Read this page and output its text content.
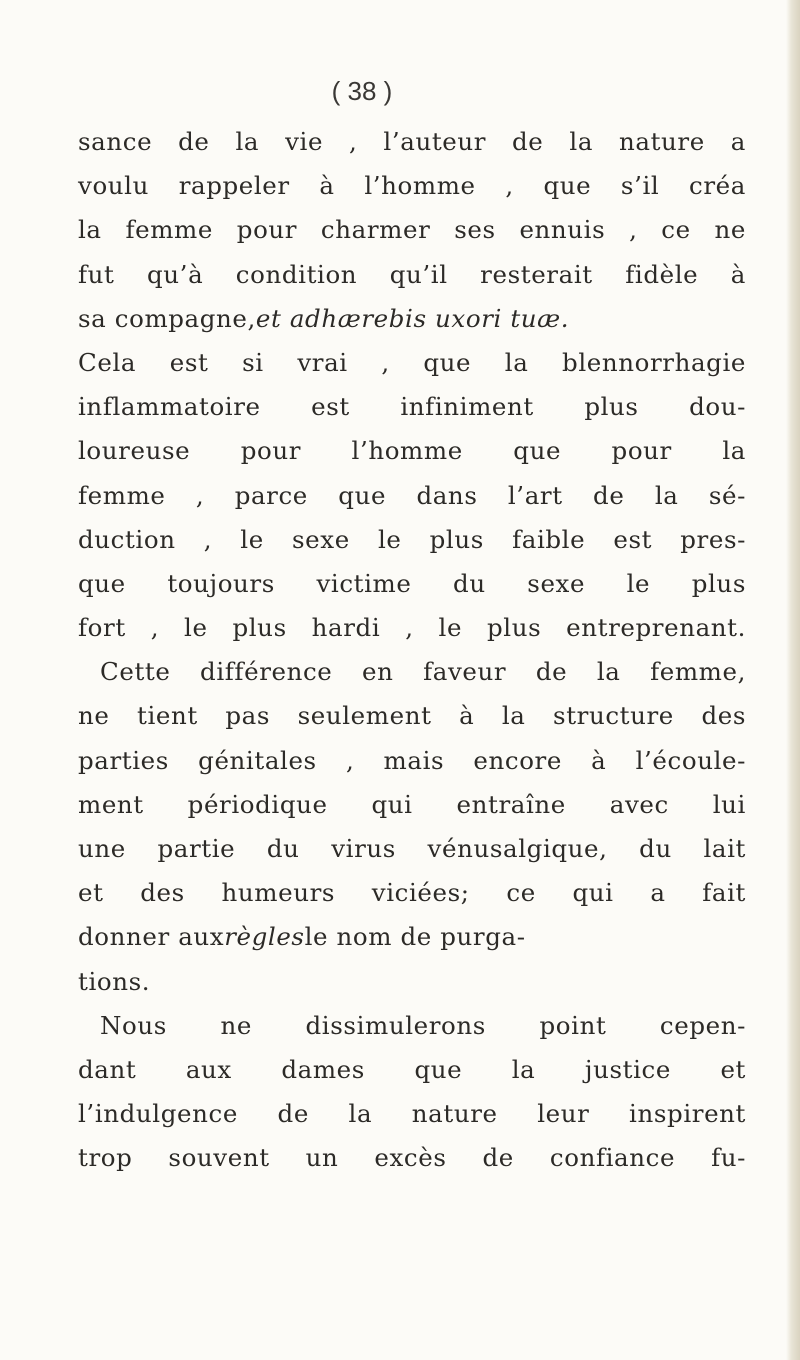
( 38 )
sance de la vie , l’auteur de la nature a
voulu rappeler à l’homme , que s’il créa
la femme pour charmer ses ennuis , ce ne
fut qu’à condition qu’il resterait fidèle à
sa compagne,et adhærebis uxori tuæ.
Cela est si vrai , que la blennorrhagie
inflammatoire est infiniment plus dou-
loureuse pour l’homme que pour la
femme , parce que dans l’art de la sé-
duction , le sexe le plus faible est pres-
que toujours victime du sexe le plus
fort , le plus hardi , le plus entreprenant.
Cette différence en faveur de la femme,
ne tient pas seulement à la structure des
parties génitales , mais encore à l’écoule-
ment périodique qui entraîne avec lui
une partie du virus vénusalgique, du lait
et des humeurs viciées; ce qui a fait
donner auxrèglesle nom de purga-
tions.
Nous ne dissimulerons point cepen-
dant aux dames que la justice et
l’indulgence de la nature leur inspirent
trop souvent un excès de confiance fu-
